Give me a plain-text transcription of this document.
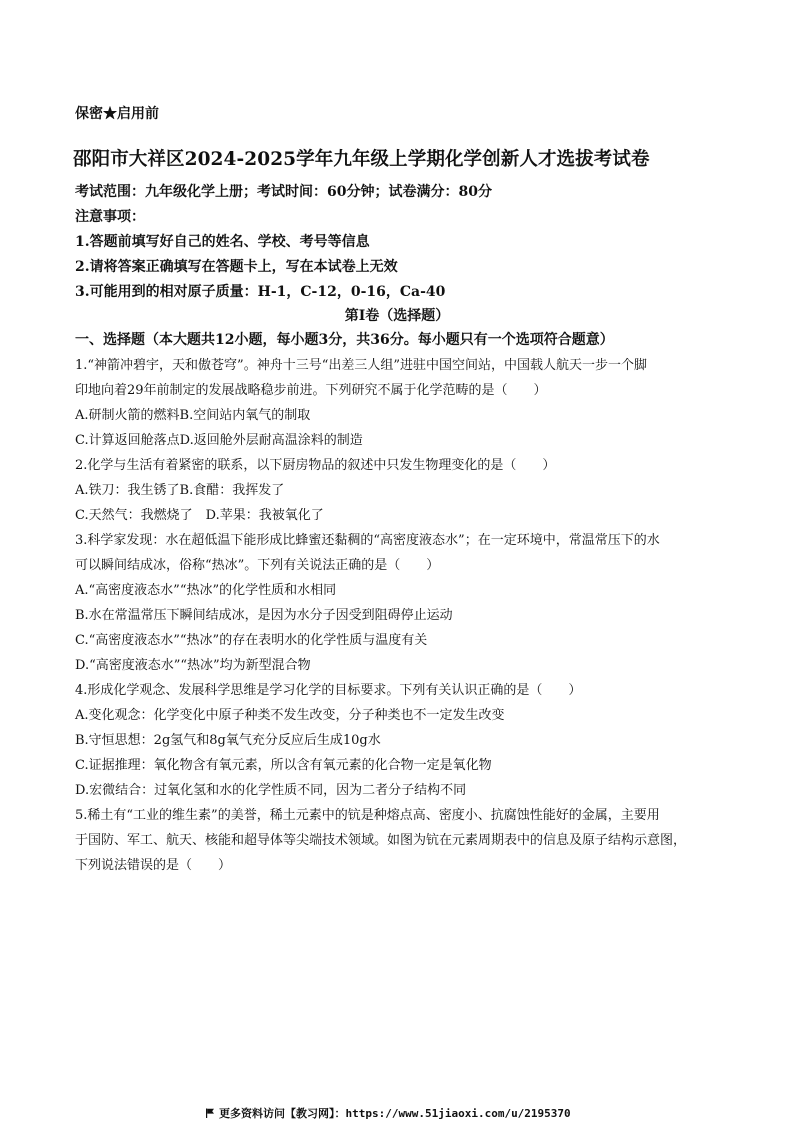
保密★启用前
邵阳市大祥区2024-2025学年九年级上学期化学创新人才选拔考试卷
考试范围：九年级化学上册；考试时间：60分钟；试卷满分：80分
注意事项：
1.答题前填写好自己的姓名、学校、考号等信息
2.请将答案正确填写在答题卡上，写在本试卷上无效
3.可能用到的相对原子质量：H-1，C-12，0-16，Ca-40
第Ⅰ卷（选择题）
一、选择题（本大题共12小题，每小题3分，共36分。每小题只有一个选项符合题意）
1.“神箭冲碧宇，天和傲苍穹”。神舟十三号“出差三人组”进驻中国空间站，中国载人航天一步一个脚
印地向着29年前制定的发展战略稳步前进。下列研究不属于化学范畴的是（　　）
A.研制火箭的燃料B.空间站内氧气的制取
C.计算返回舱落点D.返回舱外层耐高温涂料的制造
2.化学与生活有着紧密的联系，以下厨房物品的叙述中只发生物理变化的是（　　）
A.铁刀：我生锈了B.食醋：我挥发了
C.天然气：我燃烧了　D.苹果：我被氧化了
3.科学家发现：水在超低温下能形成比蜂蜜还黏稠的“高密度液态水”；在一定环境中，常温常压下的水
可以瞬间结成冰，俗称“热冰”。下列有关说法正确的是（　　）
A.“高密度液态水”“热冰”的化学性质和水相同
B.水在常温常压下瞬间结成冰，是因为水分子因受到阻碍停止运动
C.“高密度液态水”“热冰”的存在表明水的化学性质与温度有关
D.“高密度液态水”“热冰”均为新型混合物
4.形成化学观念、发展科学思维是学习化学的目标要求。下列有关认识正确的是（　　）
A.变化观念：化学变化中原子种类不发生改变，分子种类也不一定发生改变
B.守恒思想：2g氢气和8g氧气充分反应后生成10g水
C.证据推理：氧化物含有氧元素，所以含有氧元素的化合物一定是氧化物
D.宏微结合：过氧化氢和水的化学性质不同，因为二者分子结构不同
5.稀土有“工业的维生素”的美誉，稀土元素中的钪是种熔点高、密度小、抗腐蚀性能好的金属，主要用
于国防、军工、航天、核能和超导体等尖端技术领域。如图为钪在元素周期表中的信息及原子结构示意图，
下列说法错误的是（　　）
更多资料访问【教习网】：https://www.51jiaoxi.com/u/2195370
